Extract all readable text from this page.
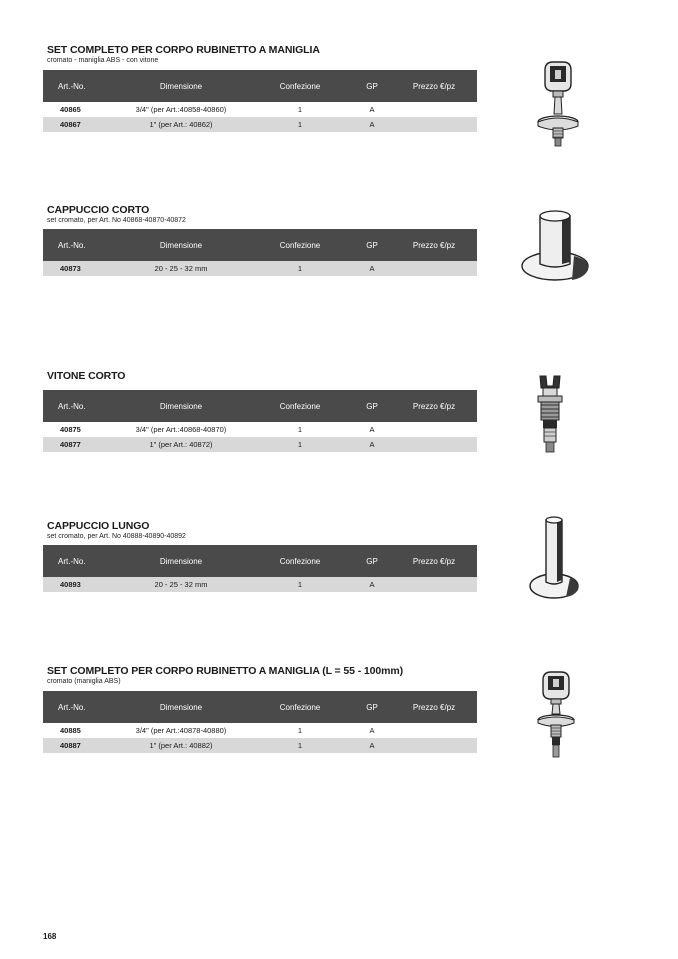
SET COMPLETO PER CORPO RUBINETTO A MANIGLIA
cromato - maniglia ABS - con vitone
Art.-No.	Dimensione	Confezione	GP	Prezzo €/pz
40865	3/4" (per Art.:40858-40860)	1	A	
40867	1" (per Art.: 40862)	1	A	
CAPPUCCIO CORTO
set cromato, per Art. No 40868-40870-40872
Art.-No.	Dimensione	Confezione	GP	Prezzo €/pz
40873	20 - 25 - 32 mm	1	A	
VITONE CORTO
Art.-No.	Dimensione	Confezione	GP	Prezzo €/pz
40875	3/4" (per Art.:40868-40870)	1	A	
40877	1" (per Art.: 40872)	1	A	
CAPPUCCIO LUNGO
set cromato, per Art. No 40888-40890-40892
Art.-No.	Dimensione	Confezione	GP	Prezzo €/pz
40893	20 - 25 - 32 mm	1	A	
SET COMPLETO PER CORPO RUBINETTO A MANIGLIA (L = 55 - 100mm)
cromato (maniglia ABS)
Art.-No.	Dimensione	Confezione	GP	Prezzo €/pz
40885	3/4" (per Art.:40878-40880)	1	A	
40887	1" (per Art.: 40882)	1	A	
168
